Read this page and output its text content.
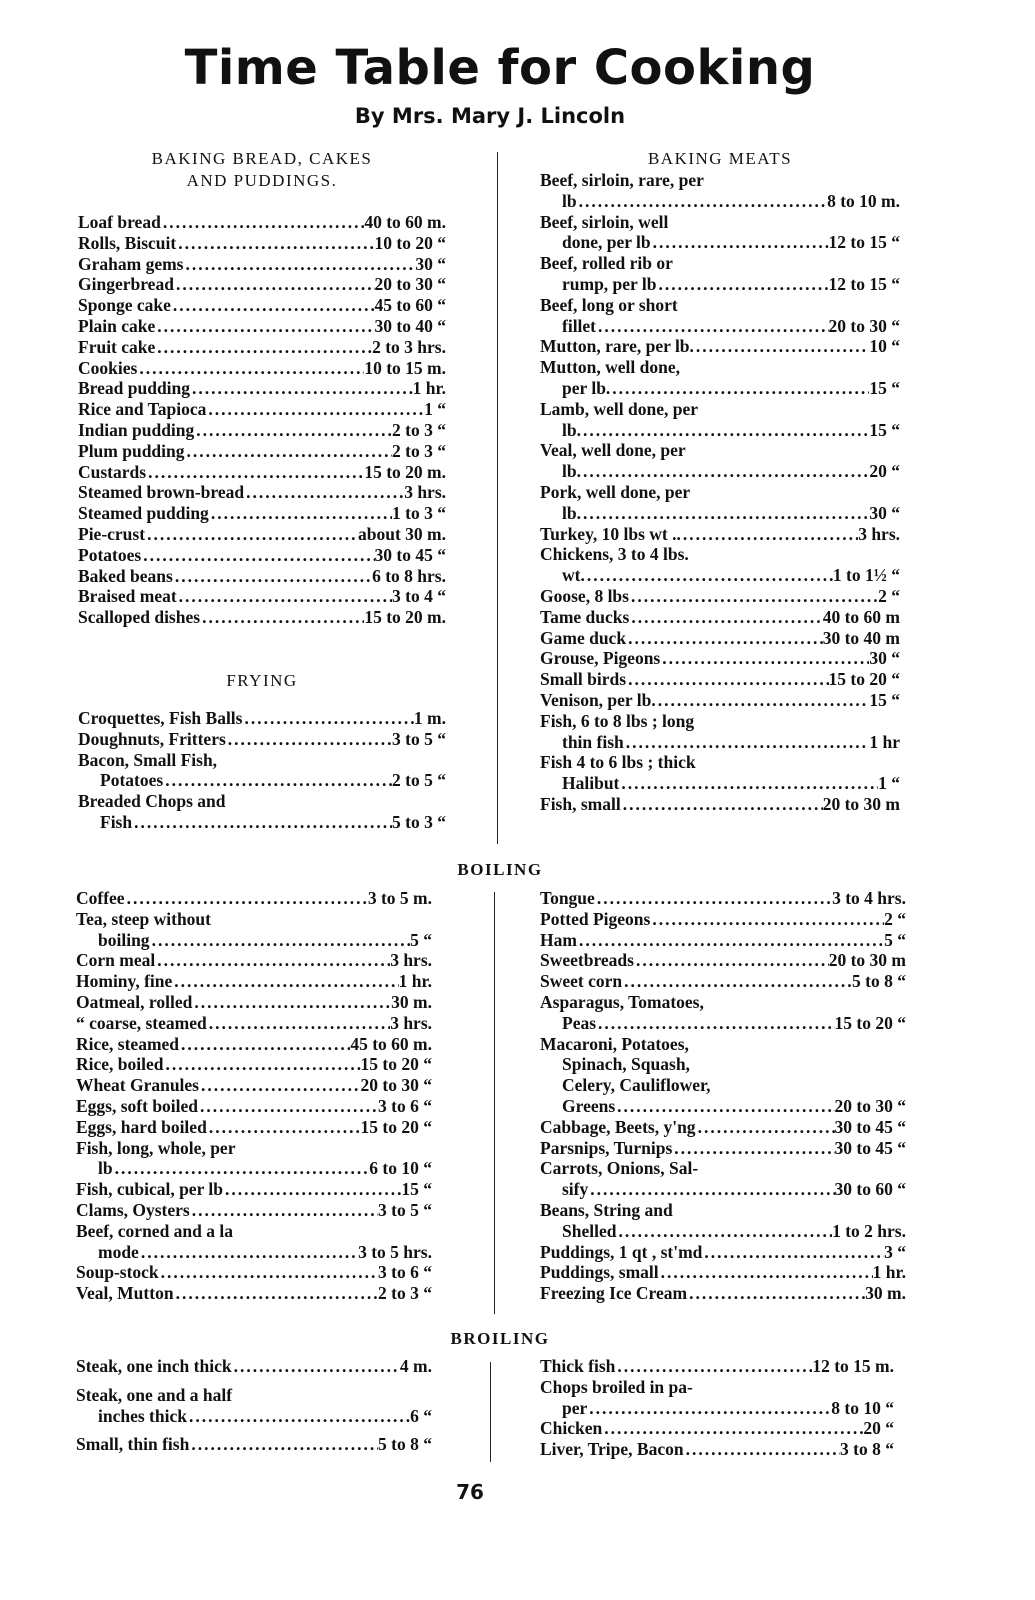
Time Table for Cooking
By Mrs. Mary J. Lincoln
BAKING BREAD, CAKES
AND PUDDINGS.
Loaf bread .....	40 to 60 m.
Rolls, Biscuit .....	10 to 20 “
Graham gems .....	30 “
Gingerbread .....	20 to 30 “
Sponge cake .....	45 to 60 “
Plain cake .....	30 to 40 “
Fruit cake .....	2 to 3 hrs.
Cookies .....	10 to 15 m.
Bread pudding .....	1 hr.
Rice and Tapioca .....	1 “
Indian pudding .....	2 to 3 “
Plum pudding .....	2 to 3 “
Custards .....	15 to 20 m.
Steamed brown-bread .....	3 hrs.
Steamed pudding .....	1 to 3 “
Pie-crust .....	about 30 m.
Potatoes .....	30 to 45 “
Baked beans .....	6 to 8 hrs.
Braised meat .....	3 to 4 “
Scalloped dishes .....	15 to 20 m.
FRYING
Croquettes, Fish Balls .....	1 m.
Doughnuts, Fritters .....	3 to 5 “
Bacon, Small Fish,
Potatoes .....	2 to 5 “
Breaded Chops and
Fish .....	5 to 3 “
BAKING MEATS
Beef, sirloin, rare, per
lb .....	8 to 10 m.
Beef, sirloin, well
done, per lb .....	12 to 15 “
Beef, rolled rib or
rump, per lb .....	12 to 15 “
Beef, long or short
fillet .....	20 to 30 “
Mutton, rare, per lb. .....	10 “
Mutton, well done,
per lb. .....	15 “
Lamb, well done, per
lb. .....	15 “
Veal, well done, per
lb. .....	20 “
Pork, well done, per
lb. .....	30 “
Turkey, 10 lbs wt .. .....	3 hrs.
Chickens, 3 to 4 lbs.
wt. .....	1 to 1½ “
Goose, 8 lbs .....	2 “
Tame ducks .....	40 to 60 m
Game duck .....	30 to 40 m
Grouse, Pigeons .....	30 “
Small birds .....	15 to 20 “
Venison, per lb. .....	15 “
Fish, 6 to 8 lbs ; long
thin fish .....	1 hr
Fish 4 to 6 lbs ; thick
Halibut .....	1 “
Fish, small .....	20 to 30 m
BOILING
Coffee .....	3 to 5 m.
Tea, steep without
boiling .....	5 “
Corn meal .....	3 hrs.
Hominy, fine .....	1 hr.
Oatmeal, rolled .....	30 m.
“ coarse, steamed .....	3 hrs.
Rice, steamed .....	45 to 60 m.
Rice, boiled .....	15 to 20 “
Wheat Granules .....	20 to 30 “
Eggs, soft boiled .....	3 to 6 “
Eggs, hard boiled .....	15 to 20 “
Fish, long, whole, per
lb .....	6 to 10 “
Fish, cubical, per lb .....	15 “
Clams, Oysters .....	3 to 5 “
Beef, corned and a la
mode .....	3 to 5 hrs.
Soup-stock .....	3 to 6 “
Veal, Mutton .....	2 to 3 “
Tongue .....	3 to 4 hrs.
Potted Pigeons .....	2 “
Ham .....	5 “
Sweetbreads .....	20 to 30 m
Sweet corn .....	5 to 8 “
Asparagus, Tomatoes,
Peas .....	15 to 20 “
Macaroni, Potatoes,
Spinach, Squash,
Celery, Cauliflower,
Greens .....	20 to 30 “
Cabbage, Beets, y'ng .....	30 to 45 “
Parsnips, Turnips .....	30 to 45 “
Carrots, Onions, Sal-
sify .....	30 to 60 “
Beans, String and
Shelled .....	1 to 2 hrs.
Puddings, 1 qt , st'md .....	3 “
Puddings, small .....	1 hr.
Freezing Ice Cream .....	30 m.
BROILING
Steak, one inch thick .....	4 m.
Steak, one and a half
inches thick .....	6 “
Small, thin fish .....	5 to 8 “
Thick fish .....	12 to 15 m.
Chops broiled in pa-
per .....	8 to 10 “
Chicken .....	20 “
Liver, Tripe, Bacon .....	3 to 8 “
76
